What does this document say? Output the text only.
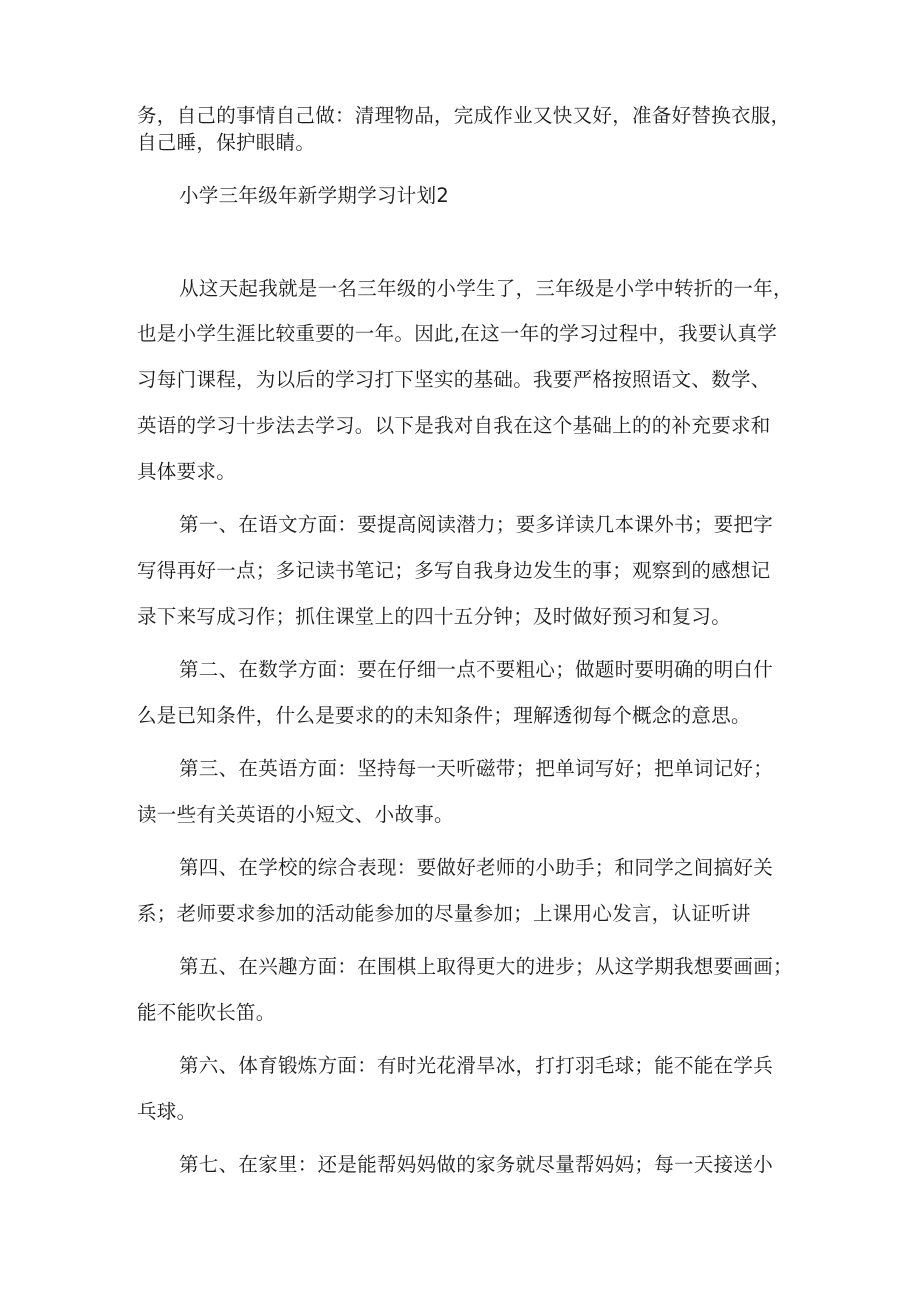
务，自己的事情自己做：清理物品，完成作业又快又好，准备好替换衣服，

自己睡，保护眼睛。

小学三年级年新学期学习计划2

从这天起我就是一名三年级的小学生了，三年级是小学中转折的一年，

也是小学生涯比较重要的一年。因此,在这一年的学习过程中，我要认真学

习每门课程，为以后的学习打下坚实的基础。我要严格按照语文、数学、

英语的学习十步法去学习。以下是我对自我在这个基础上的的补充要求和

具体要求。

第一、在语文方面：要提高阅读潜力；要多详读几本课外书；要把字

写得再好一点；多记读书笔记；多写自我身边发生的事；观察到的感想记

录下来写成习作；抓住课堂上的四十五分钟；及时做好预习和复习。

第二、在数学方面：要在仔细一点不要粗心；做题时要明确的明白什

么是已知条件，什么是要求的的未知条件；理解透彻每个概念的意思。

第三、在英语方面：坚持每一天听磁带；把单词写好；把单词记好；

读一些有关英语的小短文、小故事。

第四、在学校的综合表现：要做好老师的小助手；和同学之间搞好关

系；老师要求参加的活动能参加的尽量参加；上课用心发言，认证听讲

第五、在兴趣方面：在围棋上取得更大的进步；从这学期我想要画画；

能不能吹长笛。

第六、体育锻炼方面：有时光花滑旱冰，打打羽毛球；能不能在学兵

乓球。

第七、在家里：还是能帮妈妈做的家务就尽量帮妈妈；每一天接送小
